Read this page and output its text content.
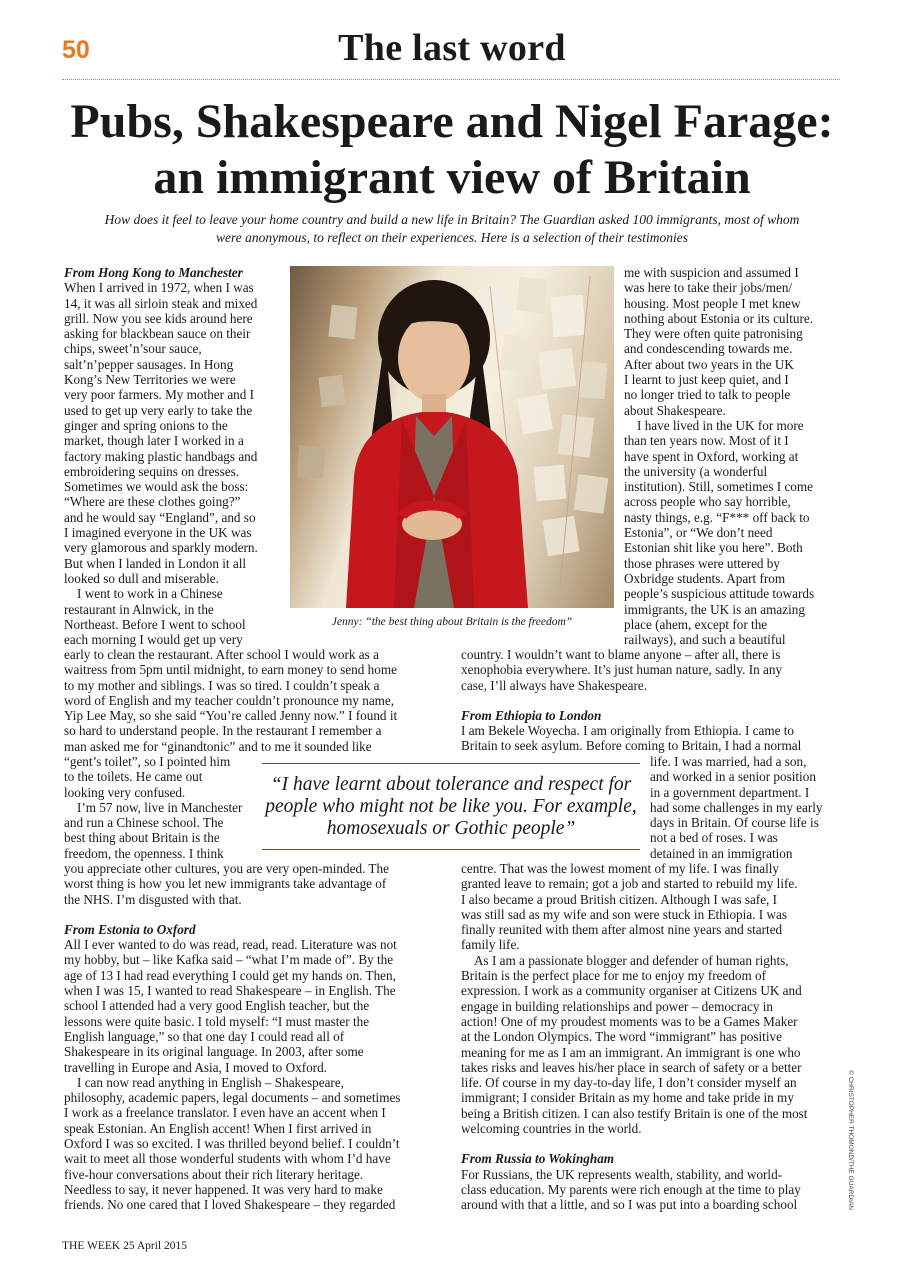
50	The last word
Pubs, Shakespeare and Nigel Farage:
an immigrant view of Britain
How does it feel to leave your home country and build a new life in Britain? The Guardian asked 100 immigrants, most of whom
were anonymous, to reflect on their experiences. Here is a selection of their testimonies
Jenny: “the best thing about Britain is the freedom”

From Hong Kong to Manchester

When I arrived in 1972, when I was

14, it was all sirloin steak and mixed

grill. Now you see kids around here

asking for blackbean sauce on their

chips, sweet’n’sour sauce,

salt’n’pepper sausages. In Hong

Kong’s New Territories we were

very poor farmers. My mother and I

used to get up very early to take the

ginger and spring onions to the

market, though later I worked in a

factory making plastic handbags and

embroidering sequins on dresses.

Sometimes we would ask the boss:

“Where are these clothes going?”

and he would say “England”, and so

I imagined everyone in the UK was

very glamorous and sparkly modern.

But when I landed in London it all

looked so dull and miserable.

I went to work in a Chinese

restaurant in Alnwick, in the

Northeast. Before I went to school

each morning I would get up very

early to clean the restaurant. After school I would work as a

waitress from 5pm until midnight, to earn money to send home

to my mother and siblings. I was so tired. I couldn’t speak a

word of English and my teacher couldn’t pronounce my name,

Yip Lee May, so she said “You’re called Jenny now.” I found it

so hard to understand people. In the restaurant I remember a

man asked me for “ginandtonic” and to me it sounded like

“gent’s toilet”, so I pointed him

to the toilets. He came out

looking very confused.

I’m 57 now, live in Manchester

and run a Chinese school. The

best thing about Britain is the

freedom, the openness. I think

you appreciate other cultures, you are very open-minded. The

worst thing is how you let new immigrants take advantage of

the NHS. I’m disgusted with that.

From Estonia to Oxford

All I ever wanted to do was read, read, read. Literature was not

my hobby, but – like Kafka said – “what I’m made of”. By the

age of 13 I had read everything I could get my hands on. Then,

when I was 15, I wanted to read Shakespeare – in English. The

school I attended had a very good English teacher, but the

lessons were quite basic. I told myself: “I must master the

English language,” so that one day I could read all of

Shakespeare in its original language. In 2003, after some

travelling in Europe and Asia, I moved to Oxford.

I can now read anything in English – Shakespeare,

philosophy, academic papers, legal documents – and sometimes

I work as a freelance translator. I even have an accent when I

speak Estonian. An English accent! When I first arrived in

Oxford I was so excited. I was thrilled beyond belief. I couldn’t

wait to meet all those wonderful students with whom I’d have

five-hour conversations about their rich literary heritage.

Needless to say, it never happened. It was very hard to make

friends. No one cared that I loved Shakespeare – they regarded

me with suspicion and assumed I

was here to take their jobs/men/

housing. Most people I met knew

nothing about Estonia or its culture.

They were often quite patronising

and condescending towards me.

After about two years in the UK

I learnt to just keep quiet, and I

no longer tried to talk to people

about Shakespeare.

I have lived in the UK for more

than ten years now. Most of it I

have spent in Oxford, working at

the university (a wonderful

institution). Still, sometimes I come

across people who say horrible,

nasty things, e.g. “F*** off back to

Estonia”, or “We don’t need

Estonian shit like you here”. Both

those phrases were uttered by

Oxbridge students. Apart from

people’s suspicious attitude towards

immigrants, the UK is an amazing

place (ahem, except for the

railways), and such a beautiful

country. I wouldn’t want to blame anyone – after all, there is

xenophobia everywhere. It’s just human nature, sadly. In any

case, I’ll always have Shakespeare.

From Ethiopia to London

I am Bekele Woyecha. I am originally from Ethiopia. I came to

Britain to seek asylum. Before coming to Britain, I had a normal

life. I was married, had a son,

and worked in a senior position

in a government department. I

had some challenges in my early

days in Britain. Of course life is

not a bed of roses. I was

detained in an immigration

centre. That was the lowest moment of my life. I was finally

granted leave to remain; got a job and started to rebuild my life.

I also became a proud British citizen. Although I was safe, I

was still sad as my wife and son were stuck in Ethiopia. I was

finally reunited with them after almost nine years and started

family life.

As I am a passionate blogger and defender of human rights,

Britain is the perfect place for me to enjoy my freedom of

expression. I work as a community organiser at Citizens UK and

engage in building relationships and power – democracy in

action! One of my proudest moments was to be a Games Maker

at the London Olympics. The word “immigrant” has positive

meaning for me as I am an immigrant. An immigrant is one who

takes risks and leaves his/her place in search of safety or a better

life. Of course in my day-to-day life, I don’t consider myself an

immigrant; I consider Britain as my home and take pride in my

being a British citizen. I can also testify Britain is one of the most

welcoming countries in the world.

From Russia to Wokingham

For Russians, the UK represents wealth, stability, and world-

class education. My parents were rich enough at the time to play

around with that a little, and so I was put into a boarding school

“I have learnt about tolerance and respect for
people who might not be like you. For example,
homosexuals or Gothic people”
© CHRISTOPHER THOMOND/THE GUARDIAN
THE WEEK 25 April 2015
